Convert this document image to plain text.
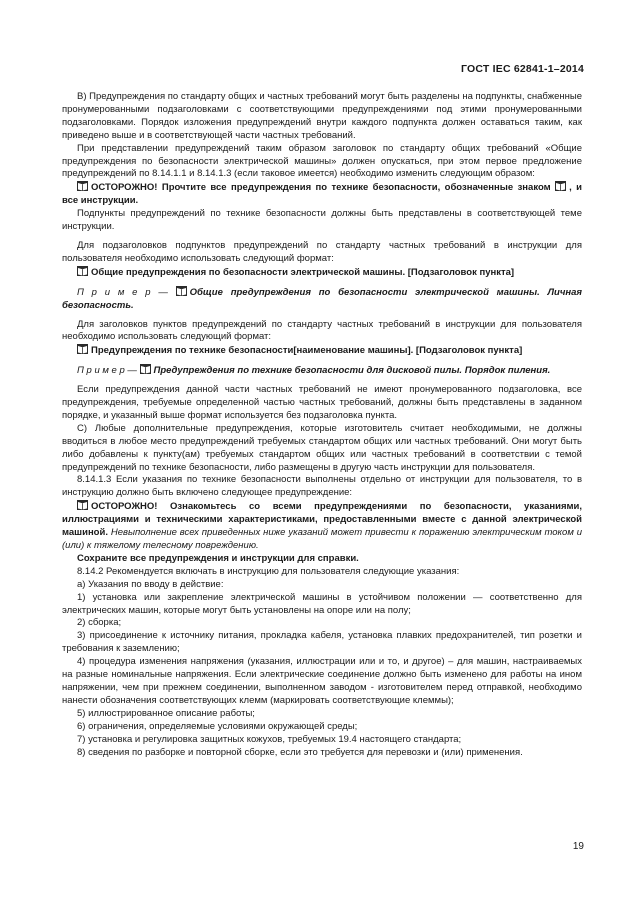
ГОСТ IEC 62841-1–2014

В) Предупреждения по стандарту общих и частных требований могут быть разделены на подпункты, снабженные пронумерованными подзаголовками с соответствующими предупреждениями под этими пронумерованными подзаголовками. Порядок изложения предупреждений внутри каждого подпункта должен оставаться таким, как приведено выше и в соответствующей части частных требований.

При представлении предупреждений таким образом заголовок по стандарту общих требований «Общие предупреждения по безопасности электрической машины» должен опускаться, при этом первое предложение предупреждений по 8.14.1.1 и 8.14.1.3 (если таковое имеется) необходимо изменить следующим образом:

ОСТОРОЖНО! Прочтите все предупреждения по технике безопасности, обозначенные знаком , и все инструкции.

Подпункты предупреждений по технике безопасности должны быть представлены в соответствующей теме инструкции.

Для подзаголовков подпунктов предупреждений по стандарту частных требований в инструкции для пользователя необходимо использовать следующий формат:

Общие предупреждения по безопасности электрической машины. [Подзаголовок пункта]

П р и м е р — Общие предупреждения по безопасности электрической машины. Личная безопасность.

Для заголовков пунктов предупреждений по стандарту частных требований в инструкции для пользователя необходимо использовать следующий формат:

Предупреждения по технике безопасности[наименование машины]. [Подзаголовок пункта]

П р и м е р — Предупреждения по технике безопасности для дисковой пилы. Порядок пиления.

Если предупреждения данной части частных требований не имеют пронумерованного подзаголовка, все предупреждения, требуемые определенной частью частных требований, должны быть представлены в заданном порядке, и указанный выше формат используется без подзаголовка пункта.

С) Любые дополнительные предупреждения, которые изготовитель считает необходимыми, не должны вводиться в любое место предупреждений требуемых стандартом общих или частных требований. Они могут быть либо добавлены к пункту(ам) требуемых стандартом общих или частных требований в соответствии с темой предупреждений по технике безопасности, либо размещены в другую часть инструкции для пользователя.

8.14.1.3 Если указания по технике безопасности выполнены отдельно от инструкции для пользователя, то в инструкцию должно быть включено следующее предупреждение:

ОСТОРОЖНО! Ознакомьтесь со всеми предупреждениями по безопасности, указаниями, иллюстрациями и техническими характеристиками, предоставленными вместе с данной электрической машиной. Невыполнение всех приведенных ниже указаний может привести к поражению электрическим током и (или) к тяжелому телесному повреждению.

Сохраните все предупреждения и инструкции для справки.

8.14.2 Рекомендуется включать в инструкцию для пользователя следующие указания:

а) Указания по вводу в действие:

1) установка или закрепление электрической машины в устойчивом положении — соответственно для электрических машин, которые могут быть установлены на опоре или на полу;

2) сборка;

3) присоединение к источнику питания, прокладка кабеля, установка плавких предохранителей, тип розетки и требования к заземлению;

4) процедура изменения напряжения (указания, иллюстрации или и то, и другое) – для машин, настраиваемых на разные номинальные напряжения. Если электрические соединение должно быть изменено для работы на ином напряжении, чем при прежнем соединении, выполненном заводом - изготовителем перед отправкой, необходимо нанести обозначения соответствующих клемм (маркировать соответствующие клеммы);

5) иллюстрированное описание работы;

6) ограничения, определяемые условиями окружающей среды;

7) установка и регулировка защитных кожухов, требуемых 19.4 настоящего стандарта;

8) сведения по разборке и повторной сборке, если это требуется для перевозки и (или) применения.

19
